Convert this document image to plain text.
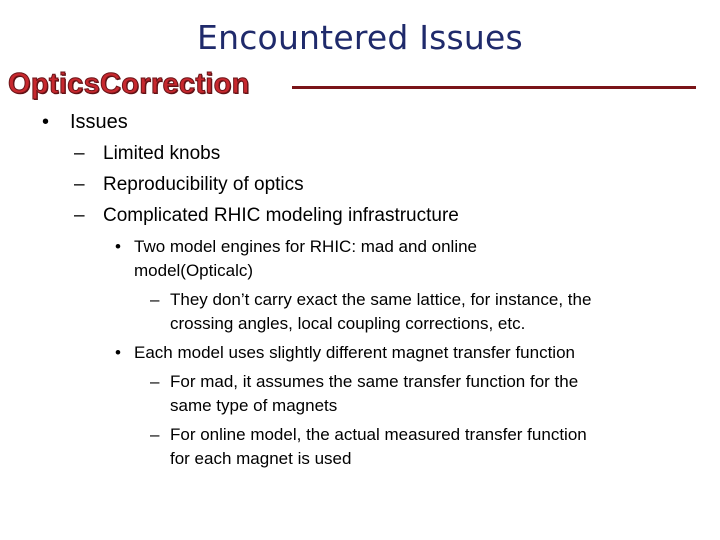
Encountered Issues
OpticsCorrection
• Issues
– Limited knobs
– Reproducibility of optics
– Complicated RHIC modeling infrastructure
• Two model engines for RHIC: mad and online
model(Opticalc)
– They don’t carry exact the same lattice, for instance, the
crossing angles, local coupling corrections, etc.
• Each model uses slightly different magnet transfer function
– For mad, it assumes the same transfer function for the
same type of magnets
– For online model, the actual measured transfer function
for each magnet is used
